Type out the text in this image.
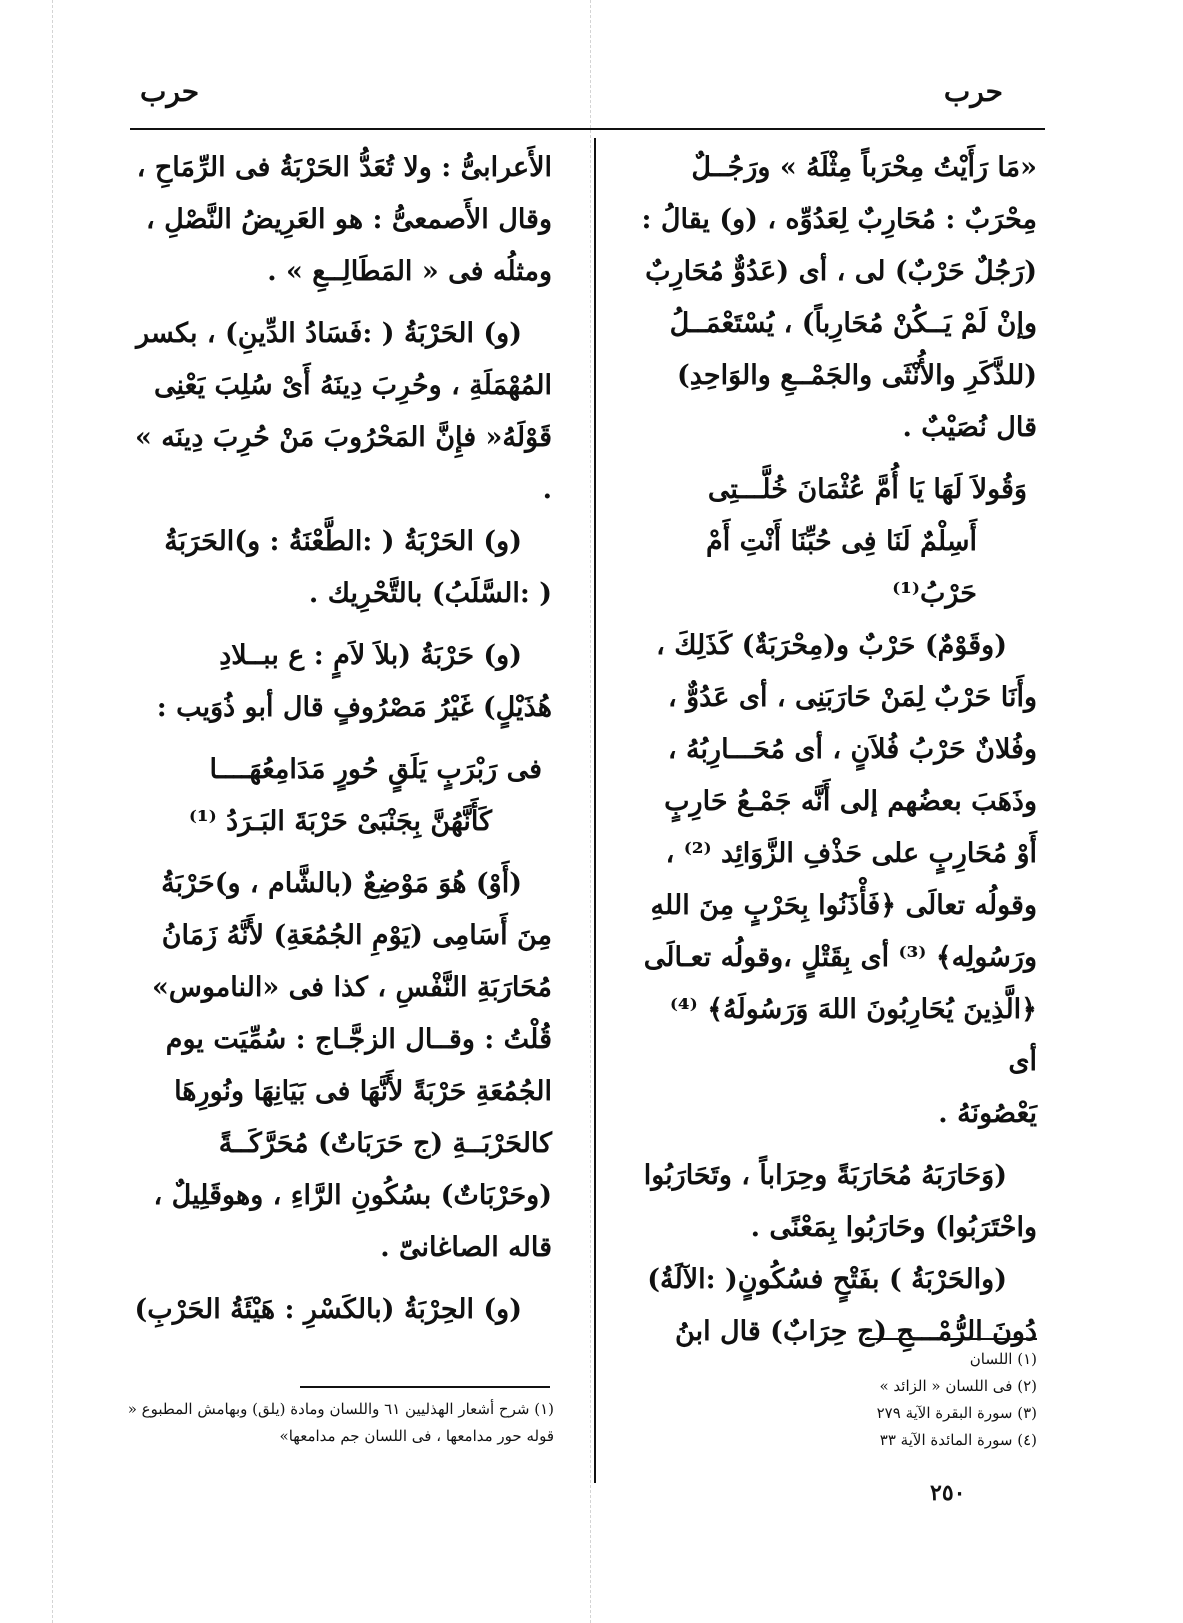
حرب
حرب

«مَا رَأَيْتُ مِحْرَباً مِثْلَهُ » ورَجُــلٌ

مِحْرَبٌ : مُحَارِبٌ لِعَدُوِّه ، (و) يقالُ :

(رَجُلٌ حَرْبٌ) لى ، أى (عَدُوٌّ مُحَارِبٌ

وإنْ لَمْ يَــكُنْ مُحَارِباً) ، يُسْتَعْمَــلُ

(للذَّكَرِ والأُنْثَى والجَمْــعِ والوَاحِدِ)

قال نُصَيْبٌ .

وَقُولاَ لَهَا يَا أُمَّ عُثْمَانَ خُلَّـــتِى

أَسِلْمٌ لَنَا فِى حُبِّنَا أَنْتِ أَمْ حَرْبُ⁽¹⁾

(وقَوْمٌ) حَرْبٌ و(مِحْرَبَةٌ) كَذَلِكَ ،

وأَنَا حَرْبٌ لِمَنْ حَارَبَنِى ، أى عَدُوٌّ ،

وفُلانٌ حَرْبُ فُلاَنٍ ، أى مُحَـــارِبُهُ ،

وذَهَبَ بعضُهم إلى أَنَّه جَمْـعُ حَارِبٍ

أَوْ مُحَارِبٍ على حَذْفِ الزَّوَائِد ⁽²⁾ ،

وقولُه تعالَى ﴿فَأْذَنُوا بِحَرْبٍ مِنَ اللهِ

ورَسُولِه﴾ ⁽³⁾ أى بِقَتْلٍ ،وقولُه تعـالَى

﴿الَّذِينَ يُحَارِبُونَ اللهَ وَرَسُولَهُ﴾ ⁽⁴⁾ أى

يَعْصُونَهُ .

(وَحَارَبَهُ مُحَارَبَةً وحِرَاباً ، وتَحَارَبُوا

واحْتَرَبُوا) وحَارَبُوا بِمَعْنًى .

(والحَرْبَةُ ) بفَتْحٍ فسُكُونٍ( :الآلَةُ)

دُونَ الرُّمْـــحِ (ج حِرَابٌ) قال ابنُ

(١) اللسان
(٢) فى اللسان « الزائد »
(٣) سورة البقرة الآية ٢٧٩
(٤) سورة المائدة الآية ٣٣

الأَعرابىُّ : ولا تُعَدُّ الحَرْبَةُ فى الرِّمَاحِ ،

وقال الأَصمعىُّ : هو العَرِيضُ النَّصْلِ ،

ومثلُه فى « المَطَالِــعِ » .

(و) الحَرْبَةُ ( :فَسَادُ الدِّينِ) ، بكسر

المُهْمَلَةِ ، وحُرِبَ دِينَهُ أَىْ سُلِبَ يَعْنِى

قَوْلَهُ« فإِنَّ المَحْرُوبَ مَنْ حُرِبَ دِينَه » .

(و) الحَرْبَةُ ( :الطَّعْنَةُ : و)الحَرَبَةُ

( :السَّلَبُ) بالتَّحْرِيك .

(و) حَرْبَةُ (بلاَ لاَمٍ : ع ببــلادِ

هُذَيْلٍ) غَيْرُ مَصْرُوفٍ قال أبو ذُوَيب :

فى رَبْرَبٍ يَلَقٍ حُورٍ مَدَامِعُهَــــا

كَأَنَّهُنَّ بِجَنْبَىْ حَرْبَةَ البَـرَدُ ⁽¹⁾

(أَوْ) هُوَ مَوْضِعٌ (بالشَّام ، و)حَرْبَةُ

مِنَ أَسَامِى (يَوْمِ الجُمُعَةِ) لأَنَّهُ زَمَانُ

مُحَارَبَةِ النَّفْسِ ، كذا فى «الناموس»

قُلْتُ : وقــال الزجَّـاج : سُمِّيَت يوم

الجُمُعَةِ حَرْبَةً لأَنَّهَا فى بَيَانِهَا ونُورِهَا

كالحَرْبَــةِ (ج حَرَبَاتٌ) مُحَرَّكَــةً

(وحَرْبَاتٌ) بسُكُونِ الرَّاءِ ، وهوقَلِيلٌ ،

قاله الصاغانىّ .

(و) الحِرْبَةُ (بالكَسْرِ : هَيْئَةُ الحَرْبِ)

(١) شرح أشعار الهذليين ٦١ واللسان ومادة (يلق) وبهامش المطبوع « قوله حور مدامعها ، فى اللسان جم مدامعها»
٢٥٠
